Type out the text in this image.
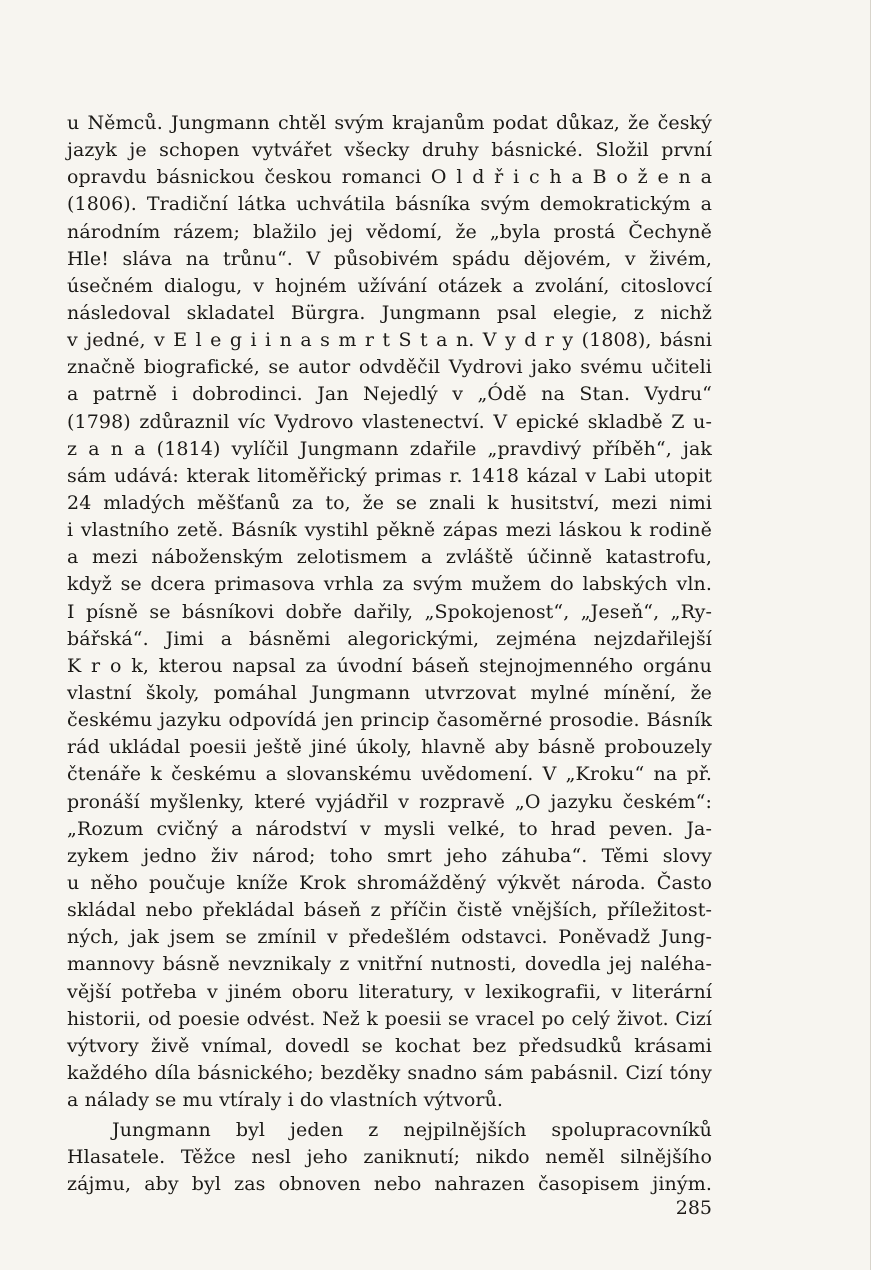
u Němců. Jungmann chtěl svým krajanům podat důkaz, že český
jazyk je schopen vytvářet všecky druhy básnické. Složil první
opravdu básnickou českou romanci O l d ř i c h a B o ž e n a
(1806). Tradiční látka uchvátila básníka svým demokratickým a
národním rázem; blažilo jej vědomí, že „byla prostá Čechyně
Hle! sláva na trůnu“. V působivém spádu dějovém, v živém,
úsečném dialogu, v hojném užívání otázek a zvolání, citoslovcí
následoval skladatel Bürgra. Jungmann psal elegie, z nichž
v jedné, v E l e g i i n a s m r t S t a n. V y d r y (1808), básni
značně biografické, se autor odvděčil Vydrovi jako svému učiteli
a patrně i dobrodinci. Jan Nejedlý v „Ódě na Stan. Vydru“
(1798) zdůraznil víc Vydrovo vlastenectví. V epické skladbě Z u-
z a n a (1814) vylíčil Jungmann zdařile „pravdivý příběh“, jak
sám udává: kterak litoměřický primas r. 1418 kázal v Labi utopit
24 mladých měšťanů za to, že se znali k husitství, mezi nimi
i vlastního zetě. Básník vystihl pěkně zápas mezi láskou k rodině
a mezi náboženským zelotismem a zvláště účinně katastrofu,
když se dcera primasova vrhla za svým mužem do labských vln.
I písně se básníkovi dobře dařily, „Spokojenost“, „Jeseň“, „Ry-
bářská“. Jimi a básněmi alegorickými, zejména nejzdařilejší
K r o k, kterou napsal za úvodní báseň stejnojmenného orgánu
vlastní školy, pomáhal Jungmann utvrzovat mylné mínění, že
českému jazyku odpovídá jen princip časoměrné prosodie. Básník
rád ukládal poesii ještě jiné úkoly, hlavně aby básně probouzely
čtenáře k českému a slovanskému uvědomení. V „Kroku“ na př.
pronáší myšlenky, které vyjádřil v rozpravě „O jazyku českém“:
„Rozum cvičný a národství v mysli velké, to hrad peven. Ja-
zykem jedno živ národ; toho smrt jeho záhuba“. Těmi slovy
u něho poučuje kníže Krok shromážděný výkvět národa. Často
skládal nebo překládal báseň z příčin čistě vnějších, příležitost-
ných, jak jsem se zmínil v předešlém odstavci. Poněvadž Jung-
mannovy básně nevznikaly z vnitřní nutnosti, dovedla jej naléha-
vější potřeba v jiném oboru literatury, v lexikografii, v literární
historii, od poesie odvést. Než k poesii se vracel po celý život. Cizí
výtvory živě vnímal, dovedl se kochat bez předsudků krásami
každého díla básnického; bezděky snadno sám pabásnil. Cizí tóny
a nálady se mu vtíraly i do vlastních výtvorů.
Jungmann byl jeden z nejpilnějších spolupracovníků
Hlasatele. Těžce nesl jeho zaniknutí; nikdo neměl silnějšího
zájmu, aby byl zas obnoven nebo nahrazen časopisem jiným.
285
